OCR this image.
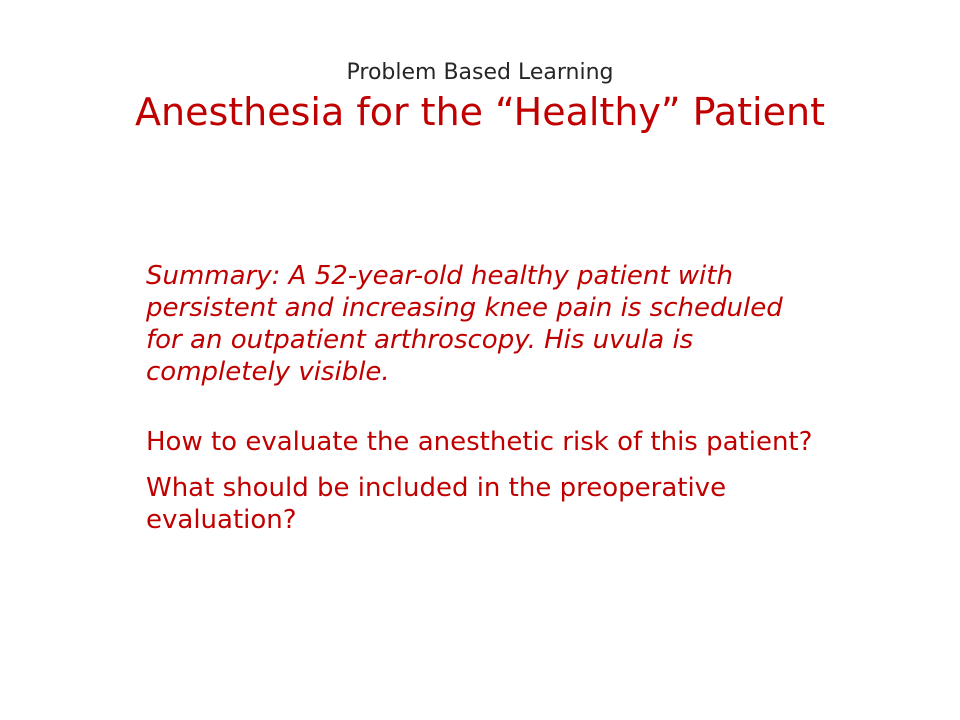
Problem Based Learning

Anesthesia for the “Healthy” Patient

Summary: A 52-year-old healthy patient with persistent and increasing knee pain is scheduled for an outpatient arthroscopy. His uvula is completely visible.

How to evaluate the anesthetic risk of this patient?

What should be included in the preoperative evaluation?
